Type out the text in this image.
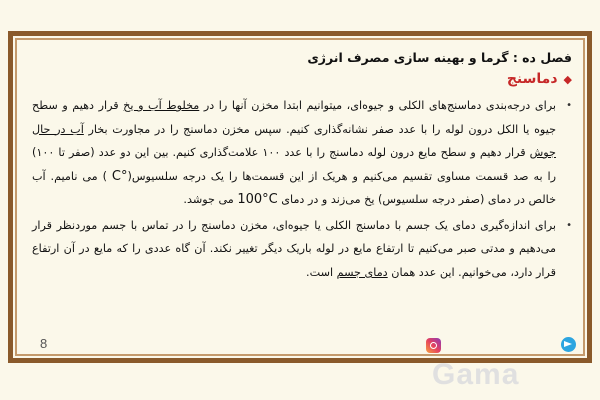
فصل ده : گرما و بهینه سازی مصرف انرژی
◆دماسنج
•
برای درجه‌بندی دماسنج‌های الکلی و جیوه‌ای، میتوانیم ابتدا مخزن آنها را در مخلوط آب و یخ قرار دهیم و سطح جیوه یا الکل درون لوله را با عدد صفر نشانه‌گذاری کنیم. سپس مخزن دماسنج را در مجاورت بخار آب در حال جوش قرار دهیم و سطح مایع درون لوله دماسنج را با عدد ۱۰۰ علامت‌گذاری کنیم. بین این دو عدد (صفر تا ۱۰۰) را به صد قسمت مساوی تقسیم می‌کنیم و هریک از این قسمت‌ها را یک درجه سلسیوس(C° ) می نامیم. آب خالص در دمای (صفر درجه سلسیوس) یخ می‌زند و در دمای 100°C می جوشد.
•
برای اندازه‌گیری دمای یک جسم با دماسنج الکلی یا جیوه‌ای، مخزن دماسنج را در تماس با جسم موردنظر قرار می‌دهیم و مدتی صبر می‌کنیم تا ارتفاع مایع در لوله باریک دیگر تغییر نکند. آن گاه عددی را که مایع در آن ارتفاع قرار دارد، می‌خوانیم. این عدد همان دمای جسم است.
8
Gama
